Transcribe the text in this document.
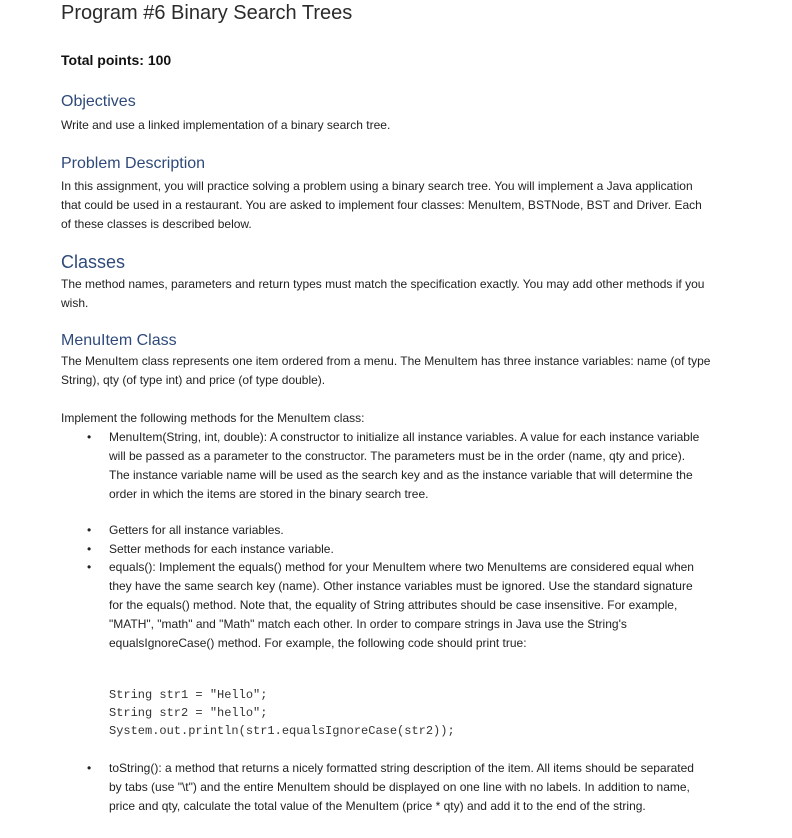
Program #6 Binary Search Trees
Total points: 100
Objectives
Write and use a linked implementation of a binary search tree.
Problem Description
In this assignment, you will practice solving a problem using a binary search tree. You will implement a Java application that could be used in a restaurant. You are asked to implement four classes: MenuItem, BSTNode, BST and Driver. Each of these classes is described below.
Classes
The method names, parameters and return types must match the specification exactly. You may add other methods if you wish.
MenuItem Class
The MenuItem class represents one item ordered from a menu. The MenuItem has three instance variables: name (of type String), qty (of type int) and price (of type double).
Implement the following methods for the MenuItem class:
• MenuItem(String, int, double): A constructor to initialize all instance variables. A value for each instance variable will be passed as a parameter to the constructor. The parameters must be in the order (name, qty and price). The instance variable name will be used as the search key and as the instance variable that will determine the order in which the items are stored in the binary search tree.
• Getters for all instance variables.
• Setter methods for each instance variable.
• equals(): Implement the equals() method for your MenuItem where two MenuItems are considered equal when they have the same search key (name). Other instance variables must be ignored. Use the standard signature for the equals() method. Note that, the equality of String attributes should be case insensitive. For example, "MATH", "math" and "Math" match each other. In order to compare strings in Java use the String's equalsIgnoreCase() method. For example, the following code should print true:
String str1 = "Hello";
String str2 = "hello";
System.out.println(str1.equalsIgnoreCase(str2));
• toString(): a method that returns a nicely formatted string description of the item. All items should be separated by tabs (use "\t") and the entire MenuItem should be displayed on one line with no labels. In addition to name, price and qty, calculate the total value of the MenuItem (price * qty) and add it to the end of the string.
